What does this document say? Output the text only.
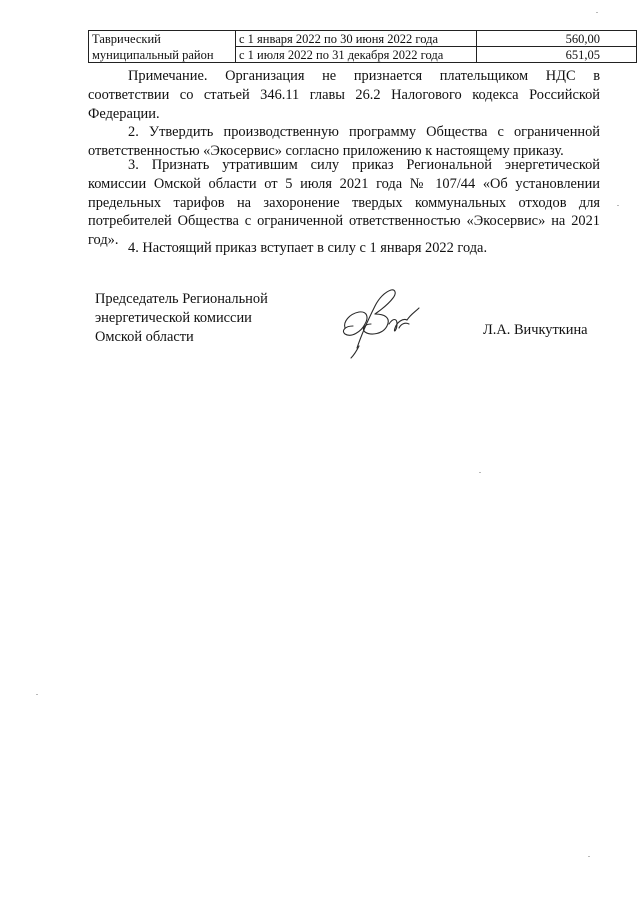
Таврический	с 1 января 2022 по 30 июня 2022 года	560,00
муниципальный район	с 1 июля 2022 по 31 декабря 2022 года	651,05

Примечание. Организация не признается плательщиком НДС в соответствии со статьей 346.11 главы 26.2 Налогового кодекса Российской Федерации.

2. Утвердить производственную программу Общества с ограниченной ответственностью «Экосервис» согласно приложению к настоящему приказу.

3. Признать утратившим силу приказ Региональной энергетической комиссии Омской области от 5 июля 2021 года № 107/44 «Об установлении предельных тарифов на захоронение твердых коммунальных отходов для потребителей Общества с ограниченной ответственностью «Экосервис» на 2021 год». 4. Настоящий приказ вступает в силу с 1 января 2022 года.

Председатель Региональной
энергетической комиссии
Омской области	Л.А. Вичкуткина
